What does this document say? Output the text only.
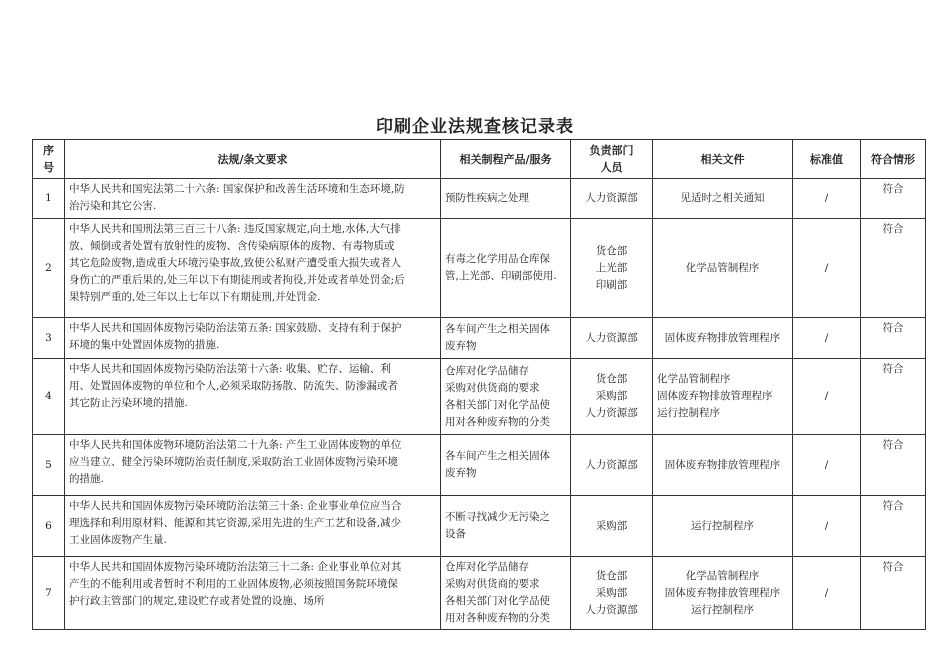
印刷企业法规查核记录表
序
号	法规/条文要求	相关制程产品/服务	负责部门
人员	相关文件	标准值	符合情形
1	中华人民共和国宪法第二十六条: 国家保护和改善生活环境和生态环境,防
治污染和其它公害.	预防性疾病之处理	人力资源部	见适时之相关通知	/	符合
2	中华人民共和国刑法第三百三十八条: 违反国家规定,向土地,水体,大气排
放、倾倒或者处置有放射性的废物、含传染病原体的废物、有毒物质或
其它危险废物,造成重大环境污染事故,致使公私财产遭受重大损失或者人
身伤亡的严重后果的,处三年以下有期徒刑或者拘役,并处或者单处罚金;后
果特别严重的,处三年以上七年以下有期徒刑,并处罚金.	有毒之化学用品仓库保
管,上光部、印刷部使用.	货仓部
上光部
印刷部	化学品管制程序	/	符合
3	中华人民共和国固体废物污染防治法第五条: 国家鼓励、支持有利于保护
环境的集中处置固体废物的措施.	各车间产生之相关固体
废弃物	人力资源部	固体废弃物排放管理程序	/	符合
4	中华人民共和国固体废物污染防治法第十六条: 收集、贮存、运输、利
用、处置固体废物的单位和个人,必须采取防扬散、防流失、防渗漏或者
其它防止污染环境的措施.	仓库对化学品储存
采购对供货商的要求
各相关部门对化学品使
用对各种废弃物的分类	货仓部
采购部
人力资源部	化学品管制程序
固体废弃物排放管理程序
运行控制程序	/	符合
5	中华人民共和国体废物环境防治法第二十九条: 产生工业固体废物的单位
应当建立、健全污染环境防治责任制度,采取防治工业固体废物污染环境
的措施.	各车间产生之相关固体
废弃物	人力资源部	固体废弃物排放管理程序	/	符合
6	中华人民共和国固体废物污染环境防治法第三十条: 企业事业单位应当合
理选择和利用原材料、能源和其它资源,采用先进的生产工艺和设备,减少
工业固体废物产生量.	不断寻找减少无污染之
设备	采购部	运行控制程序	/	符合
7	中华人民共和国固体废物污染环境防治法第三十二条: 企业事业单位对其
产生的不能利用或者暂时不利用的工业固体废物,必须按照国务院环境保
护行政主管部门的规定,建设贮存或者处置的设施、场所	仓库对化学品储存
采购对供货商的要求
各相关部门对化学品使
用对各种废弃物的分类	货仓部
采购部
人力资源部	化学品管制程序
固体废弃物排放管理程序
运行控制程序	/	符合
